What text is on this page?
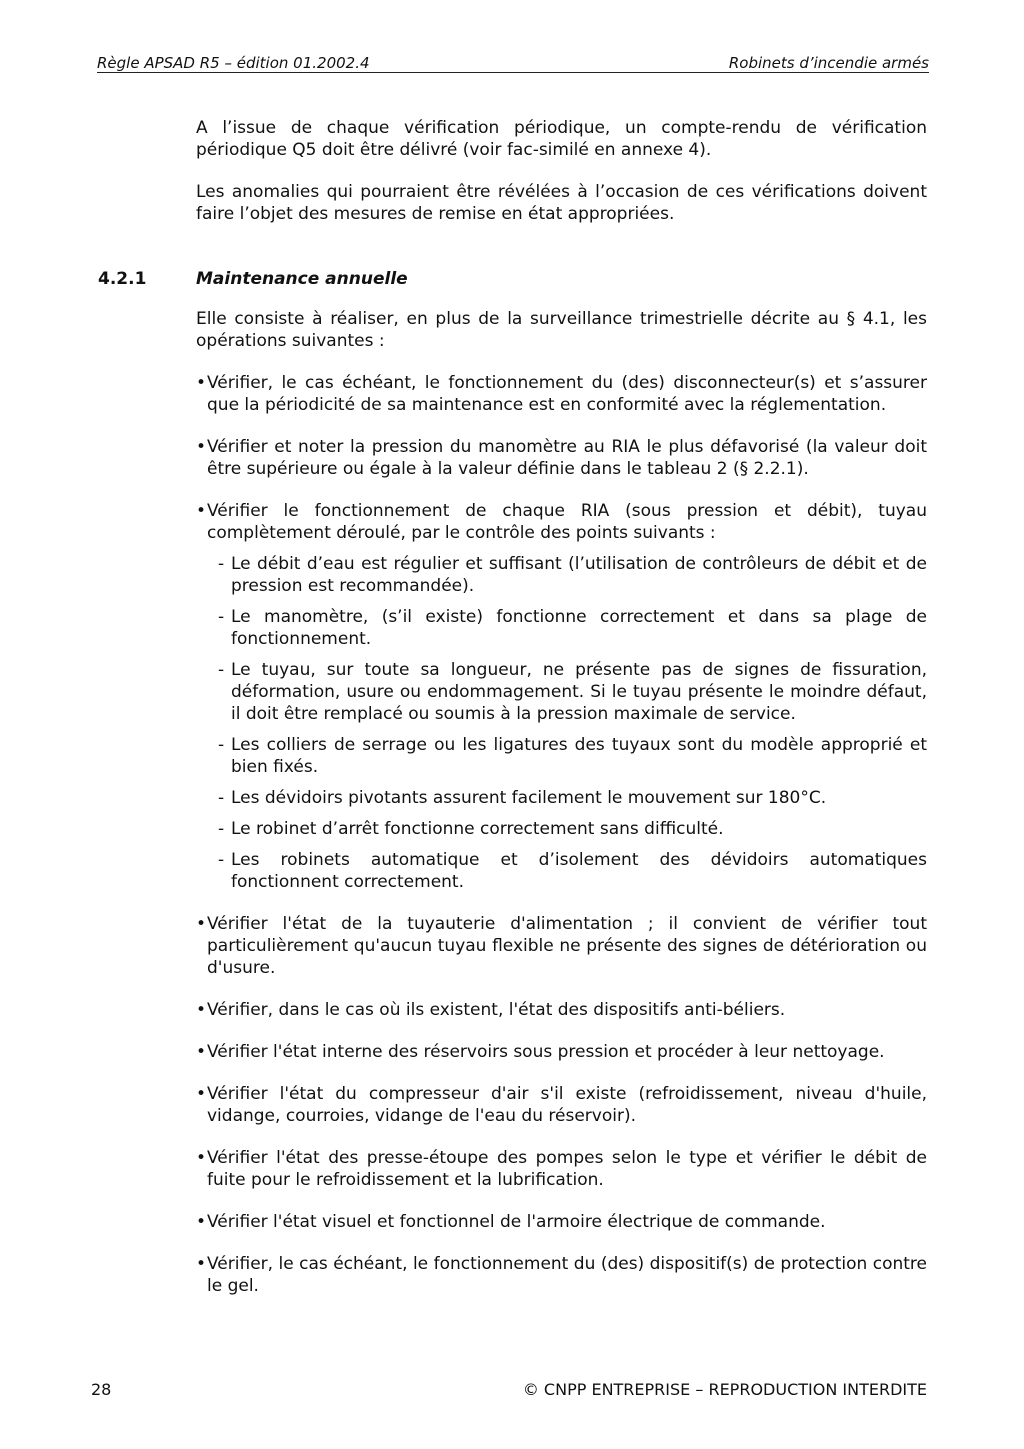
Règle APSAD R5 – édition 01.2002.4	Robinets d’incendie armés

A l’issue de chaque vérification périodique, un compte-rendu de vérification périodique Q5 doit être délivré (voir fac-similé en annexe 4).

Les anomalies qui pourraient être révélées à l’occasion de ces vérifications doivent faire l’objet des mesures de remise en état appropriées.

4.2.1	Maintenance annuelle

Elle consiste à réaliser, en plus de la surveillance trimestrielle décrite au § 4.1, les opérations suivantes :

• Vérifier, le cas échéant, le fonctionnement du (des) disconnecteur(s) et s’assurer que la périodicité de sa maintenance est en conformité avec la réglementation.
• Vérifier et noter la pression du manomètre au RIA le plus défavorisé (la valeur doit être supérieure ou égale à la valeur définie dans le tableau 2 (§ 2.2.1).
• Vérifier le fonctionnement de chaque RIA (sous pression et débit), tuyau complètement déroulé, par le contrôle des points suivants :
- Le débit d’eau est régulier et suffisant (l’utilisation de contrôleurs de débit et de pression est recommandée).
- Le manomètre, (s’il existe) fonctionne correctement et dans sa plage de fonctionnement.
- Le tuyau, sur toute sa longueur, ne présente pas de signes de fissuration, déformation, usure ou endommagement. Si le tuyau présente le moindre défaut, il doit être remplacé ou soumis à la pression maximale de service.
- Les colliers de serrage ou les ligatures des tuyaux sont du modèle approprié et bien fixés.
- Les dévidoirs pivotants assurent facilement le mouvement sur 180°C.
- Le robinet d’arrêt fonctionne correctement sans difficulté.
- Les robinets automatique et d’isolement des dévidoirs automatiques fonctionnent correctement.
• Vérifier l'état de la tuyauterie d'alimentation ; il convient de vérifier tout particulièrement qu'aucun tuyau flexible ne présente des signes de détérioration ou d'usure.
• Vérifier, dans le cas où ils existent, l'état des dispositifs anti-béliers.
• Vérifier l'état interne des réservoirs sous pression et procéder à leur nettoyage.
• Vérifier l'état du compresseur d'air s'il existe (refroidissement, niveau d'huile, vidange, courroies, vidange de l'eau du réservoir).
• Vérifier l'état des presse-étoupe des pompes selon le type et vérifier le débit de fuite pour le refroidissement et la lubrification.
• Vérifier l'état visuel et fonctionnel de l'armoire électrique de commande.
• Vérifier, le cas échéant, le fonctionnement du (des) dispositif(s) de protection contre le gel.
28	© CNPP ENTREPRISE – REPRODUCTION INTERDITE
